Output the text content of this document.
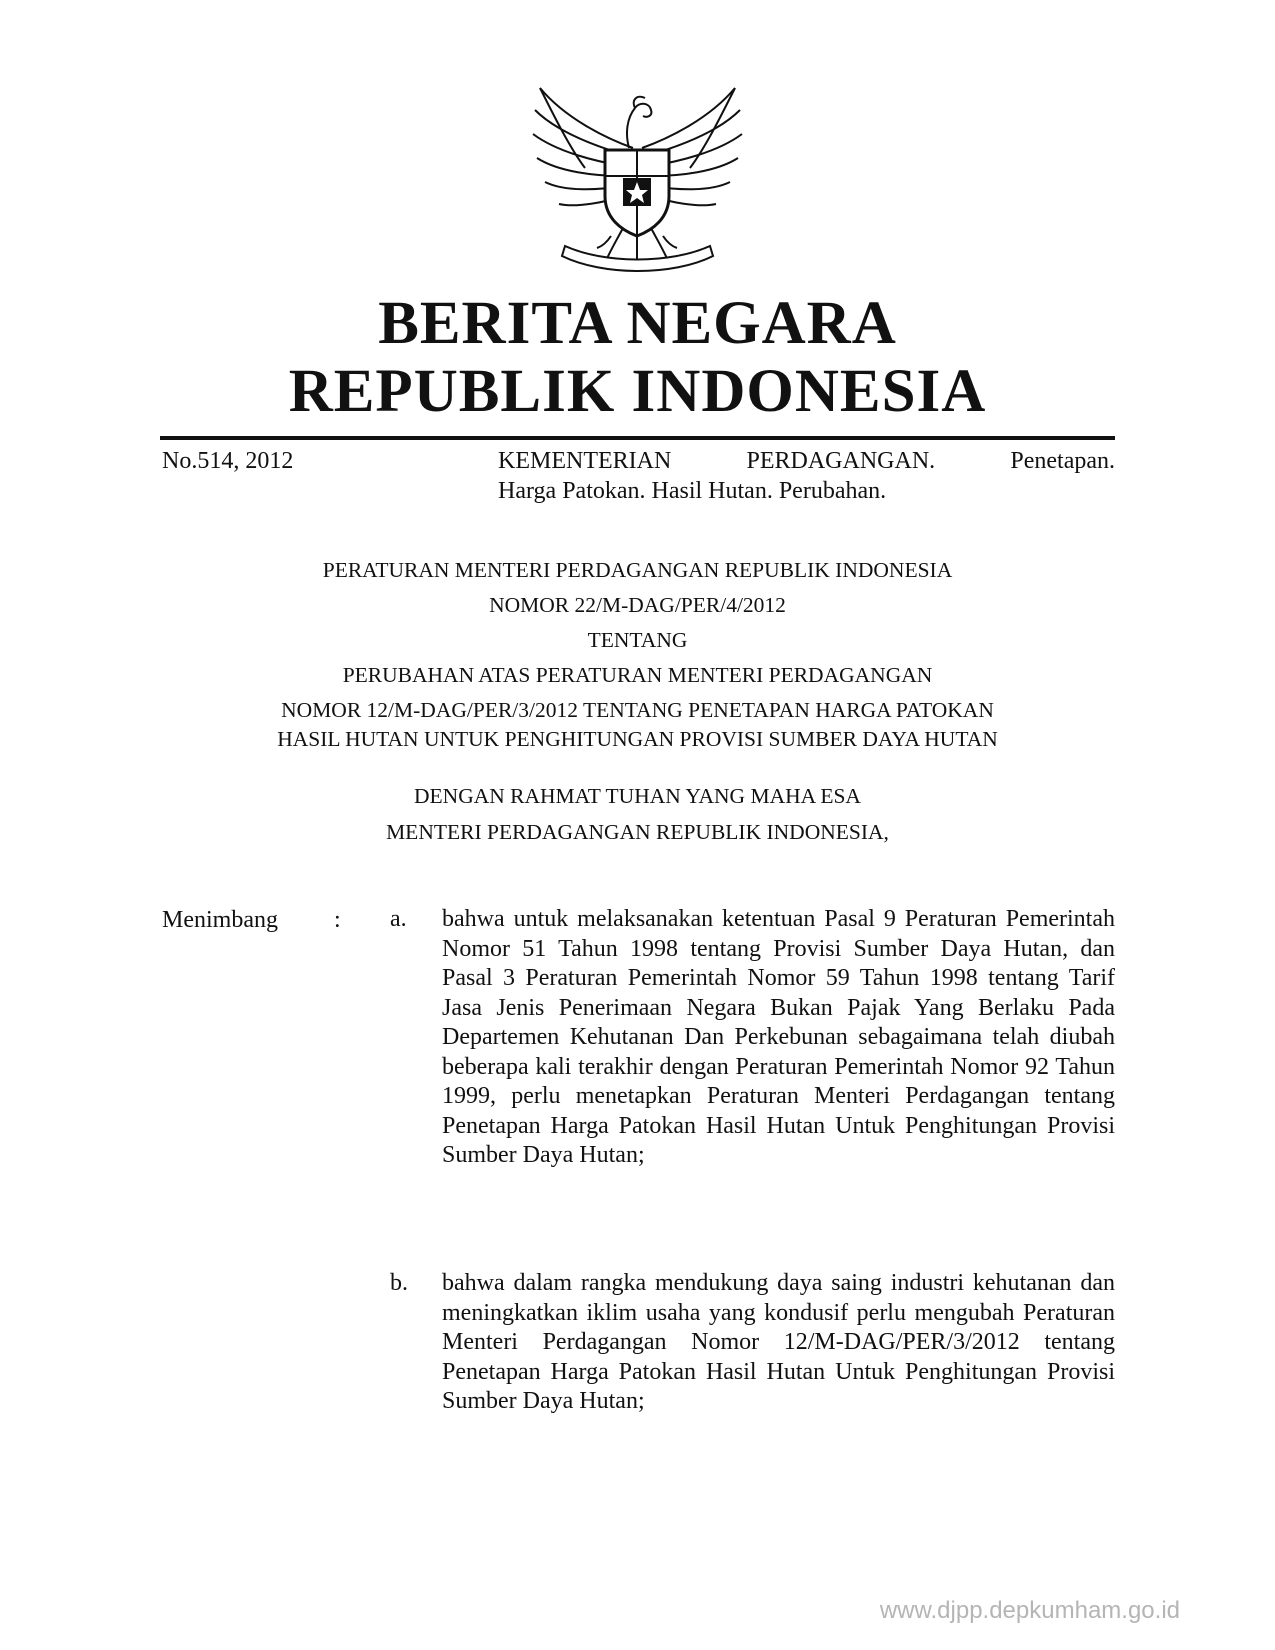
BERITA NEGARA
REPUBLIK INDONESIA
No.514, 2012	KEMENTERIAN PERDAGANGAN. Penetapan.
Harga Patokan. Hasil Hutan. Perubahan.
PERATURAN MENTERI PERDAGANGAN REPUBLIK INDONESIA
NOMOR 22/M-DAG/PER/4/2012
TENTANG
PERUBAHAN ATAS PERATURAN MENTERI PERDAGANGAN
NOMOR 12/M-DAG/PER/3/2012 TENTANG PENETAPAN HARGA PATOKAN
HASIL HUTAN UNTUK PENGHITUNGAN PROVISI SUMBER DAYA HUTAN
DENGAN RAHMAT TUHAN YANG MAHA ESA
MENTERI PERDAGANGAN REPUBLIK INDONESIA,
Menimbang : a.	bahwa untuk melaksanakan ketentuan Pasal 9 Peraturan Pemerintah Nomor 51 Tahun 1998 tentang Provisi Sumber Daya Hutan, dan Pasal 3 Peraturan Pemerintah Nomor 59 Tahun 1998 tentang Tarif Jasa Jenis Penerimaan Negara Bukan Pajak Yang Berlaku Pada Departemen Kehutanan Dan Perkebunan sebagaimana telah diubah beberapa kali terakhir dengan Peraturan Pemerintah Nomor 92 Tahun 1999, perlu menetapkan Peraturan Menteri Perdagangan tentang Penetapan Harga Patokan Hasil Hutan Untuk Penghitungan Provisi Sumber Daya Hutan;
b.	bahwa dalam rangka mendukung daya saing industri kehutanan dan meningkatkan iklim usaha yang kondusif perlu mengubah Peraturan Menteri Perdagangan Nomor 12/M-DAG/PER/3/2012 tentang Penetapan Harga Patokan Hasil Hutan Untuk Penghitungan Provisi Sumber Daya Hutan;
www.djpp.depkumham.go.id
